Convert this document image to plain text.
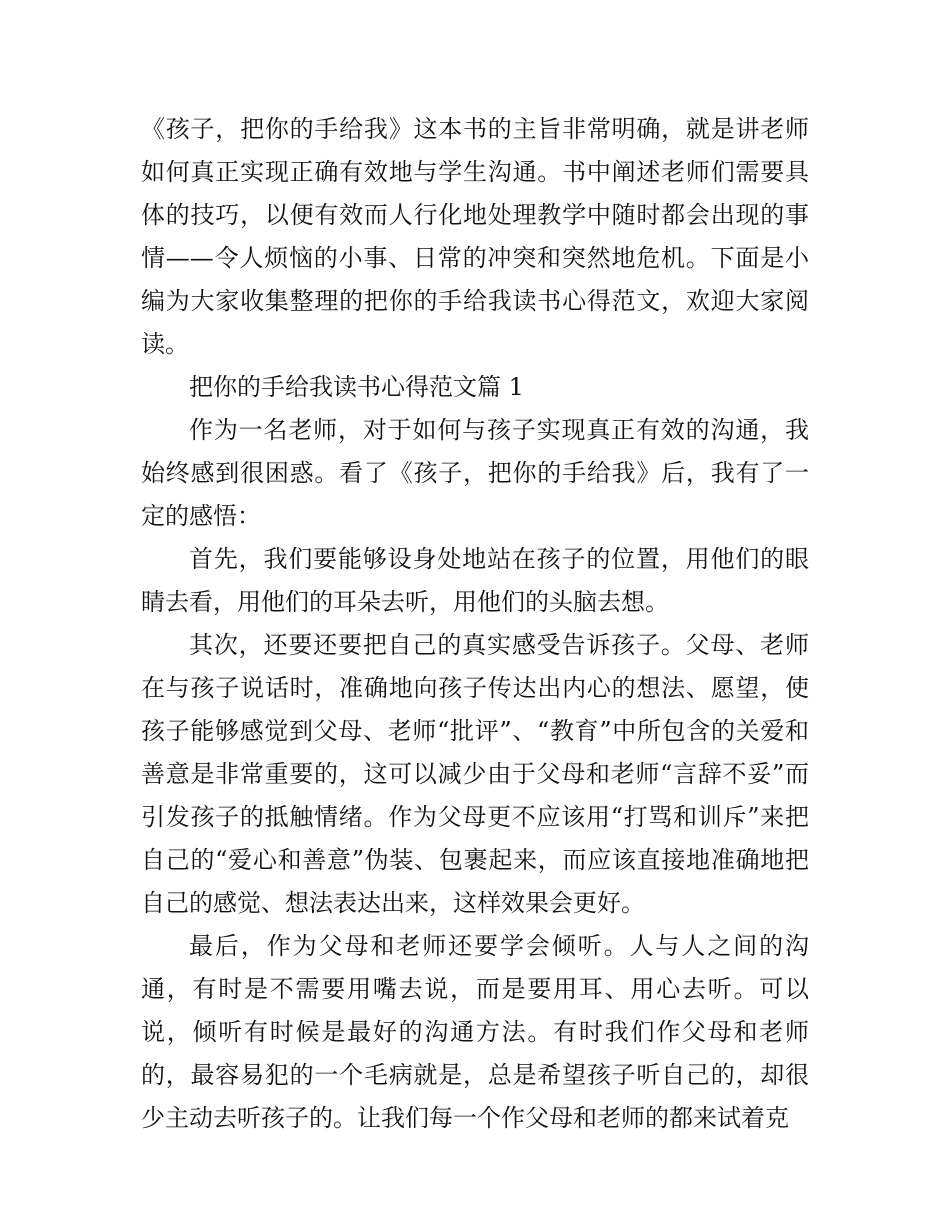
《孩子，把你的手给我》这本书的主旨非常明确，就是讲老师如何真正实现正确有效地与学生沟通。书中阐述老师们需要具体的技巧，以便有效而人行化地处理教学中随时都会出现的事情——令人烦恼的小事、日常的冲突和突然地危机。下面是小编为大家收集整理的把你的手给我读书心得范文，欢迎大家阅读。

把你的手给我读书心得范文篇 1

作为一名老师，对于如何与孩子实现真正有效的沟通，我始终感到很困惑。看了《孩子，把你的手给我》后，我有了一定的感悟：

首先，我们要能够设身处地站在孩子的位置，用他们的眼睛去看，用他们的耳朵去听，用他们的头脑去想。

其次，还要还要把自己的真实感受告诉孩子。父母、老师在与孩子说话时，准确地向孩子传达出内心的想法、愿望，使孩子能够感觉到父母、老师“批评”、“教育”中所包含的关爱和善意是非常重要的，这可以减少由于父母和老师“言辞不妥”而引发孩子的抵触情绪。作为父母更不应该用“打骂和训斥”来把自己的“爱心和善意”伪装、包裹起来，而应该直接地准确地把自己的感觉、想法表达出来，这样效果会更好。

最后，作为父母和老师还要学会倾听。人与人之间的沟通，有时是不需要用嘴去说，而是要用耳、用心去听。可以说，倾听有时候是最好的沟通方法。有时我们作父母和老师的，最容易犯的一个毛病就是，总是希望孩子听自己的，却很少主动去听孩子的。让我们每一个作父母和老师的都来试着克
